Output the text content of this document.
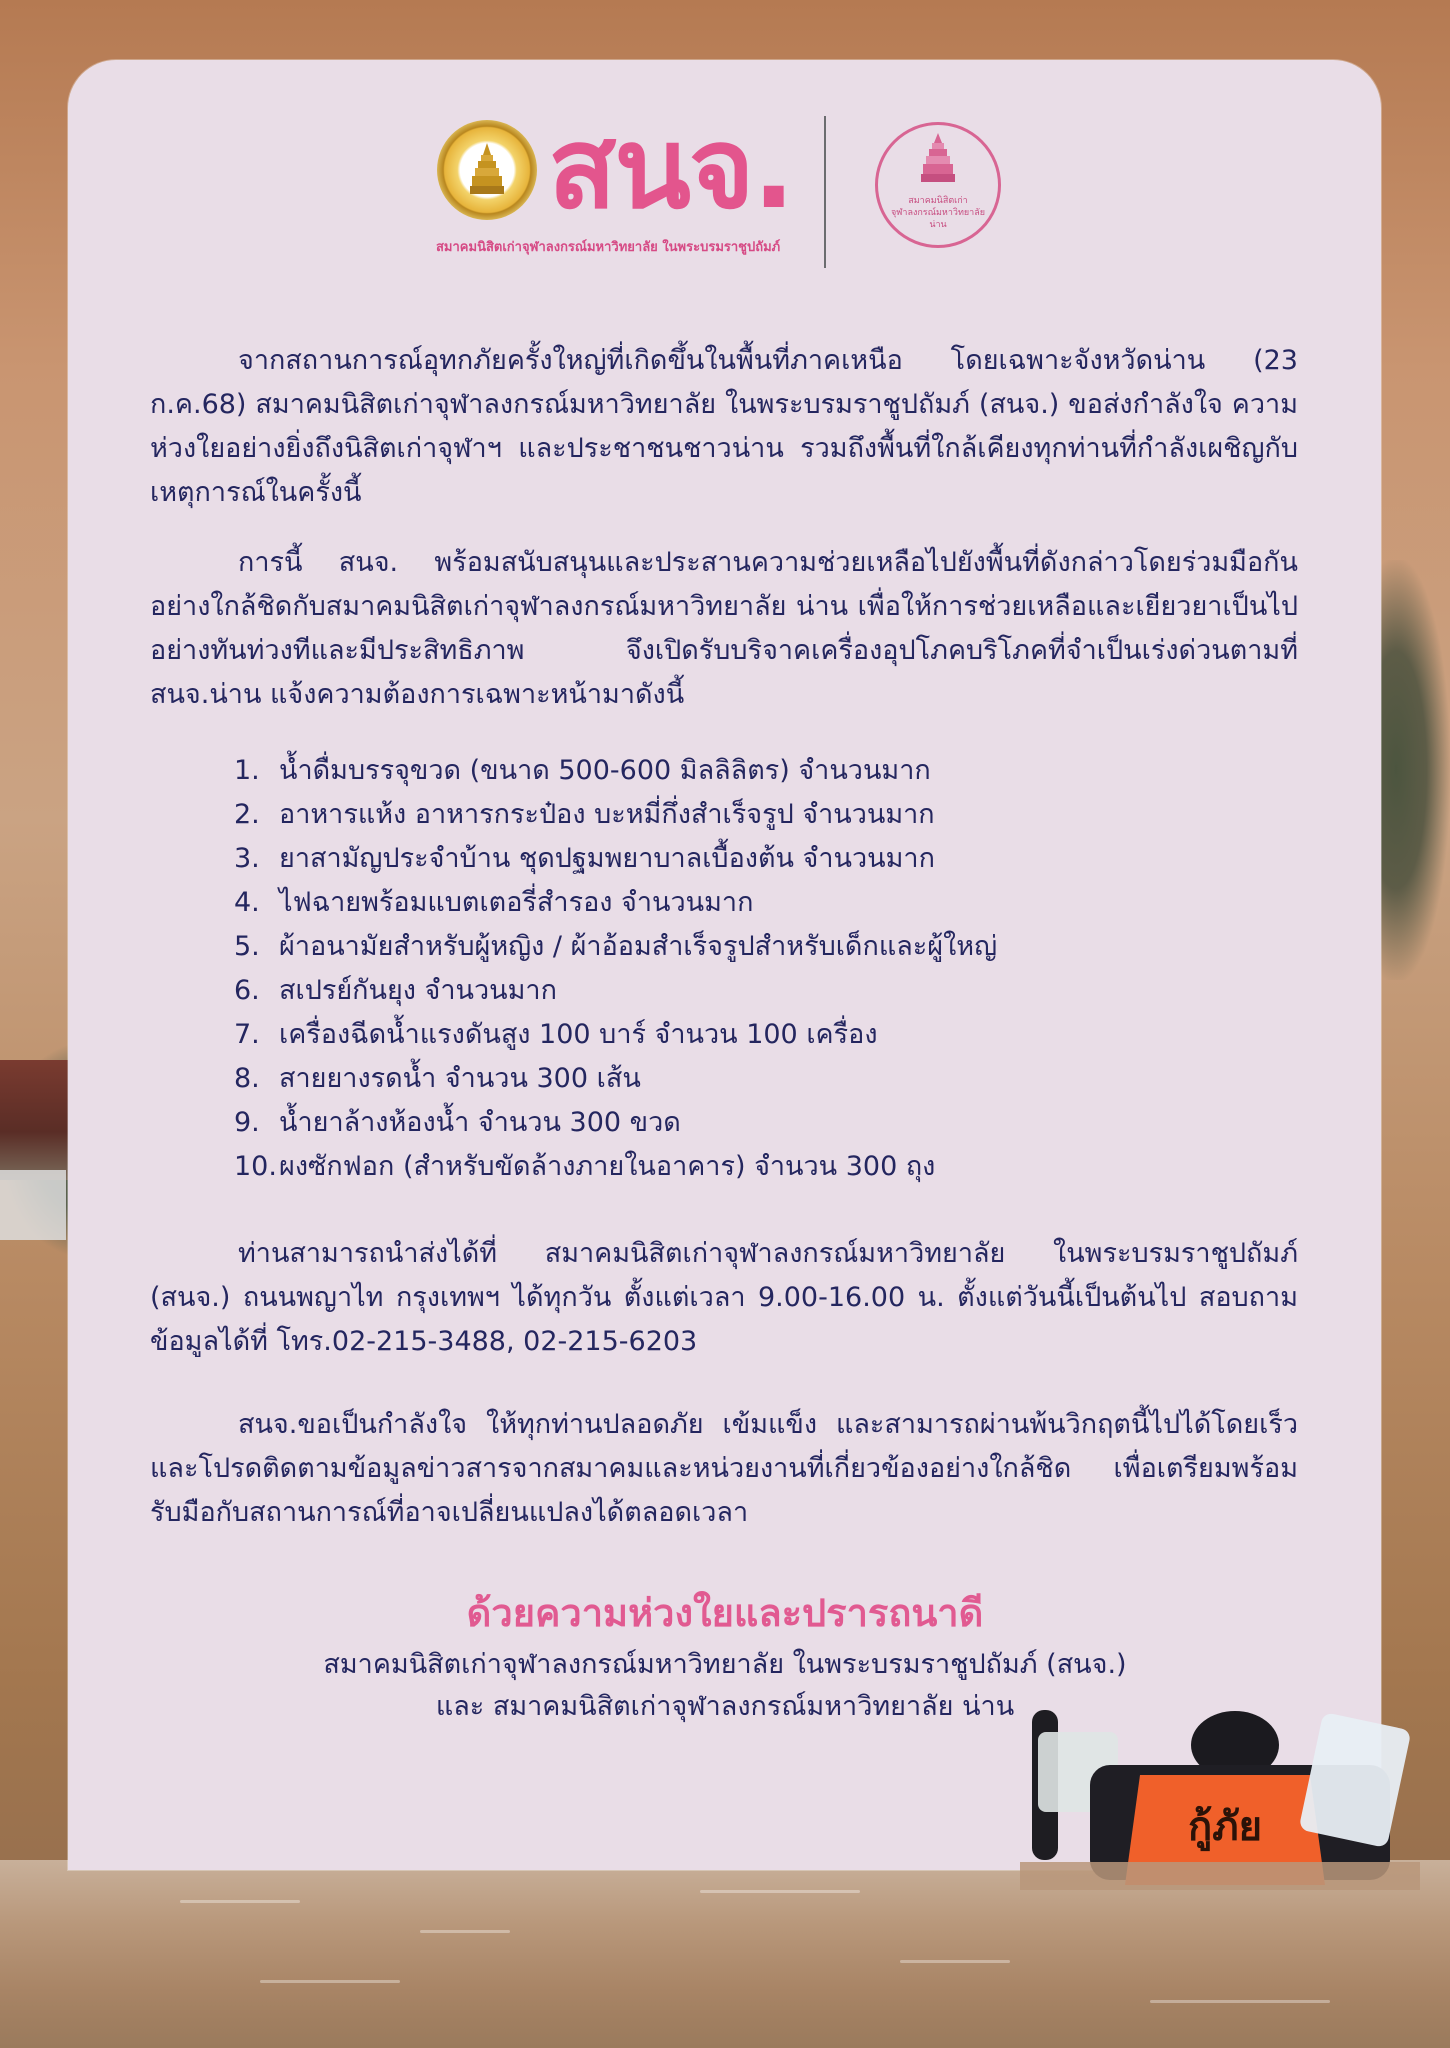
สนจ.
สมาคมนิสิตเก่าจุฬาลงกรณ์มหาวิทยาลัย ในพระบรมราชูปถัมภ์
สมาคมนิสิตเก่า
จุฬาลงกรณ์มหาวิทยาลัย
น่าน
จากสถานการณ์อุทกภัยครั้งใหญ่ที่เกิดขึ้นในพื้นที่ภาคเหนือ โดยเฉพาะจังหวัดน่าน (23 ก.ค.68) สมาคมนิสิตเก่าจุฬาลงกรณ์มหาวิทยาลัย ในพระบรมราชูปถัมภ์ (สนจ.) ขอส่งกำลังใจ ความห่วงใยอย่างยิ่งถึงนิสิตเก่าจุฬาฯ และประชาชนชาวน่าน รวมถึงพื้นที่ใกล้เคียงทุกท่านที่กำลังเผชิญกับเหตุการณ์ในครั้งนี้
การนี้ สนจ. พร้อมสนับสนุนและประสานความช่วยเหลือไปยังพื้นที่ดังกล่าวโดยร่วมมือกันอย่างใกล้ชิดกับสมาคมนิสิตเก่าจุฬาลงกรณ์มหาวิทยาลัย น่าน เพื่อให้การช่วยเหลือและเยียวยาเป็นไปอย่างทันท่วงทีและมีประสิทธิภาพ จึงเปิดรับบริจาคเครื่องอุปโภคบริโภคที่จำเป็นเร่งด่วนตามที่ สนจ.น่าน แจ้งความต้องการเฉพาะหน้ามาดังนี้
1. น้ำดื่มบรรจุขวด (ขนาด 500-600 มิลลิลิตร) จำนวนมาก
2. อาหารแห้ง อาหารกระป๋อง บะหมี่กึ่งสำเร็จรูป จำนวนมาก
3. ยาสามัญประจำบ้าน ชุดปฐมพยาบาลเบื้องต้น จำนวนมาก
4. ไฟฉายพร้อมแบตเตอรี่สำรอง จำนวนมาก
5. ผ้าอนามัยสำหรับผู้หญิง / ผ้าอ้อมสำเร็จรูปสำหรับเด็กและผู้ใหญ่
6. สเปรย์กันยุง จำนวนมาก
7. เครื่องฉีดน้ำแรงดันสูง 100 บาร์ จำนวน 100 เครื่อง
8. สายยางรดน้ำ จำนวน 300 เส้น
9. น้ำยาล้างห้องน้ำ จำนวน 300 ขวด
10.ผงซักฟอก (สำหรับขัดล้างภายในอาคาร) จำนวน 300 ถุง
ท่านสามารถนำส่งได้ที่ สมาคมนิสิตเก่าจุฬาลงกรณ์มหาวิทยาลัย ในพระบรมราชูปถัมภ์ (สนจ.) ถนนพญาไท กรุงเทพฯ ได้ทุกวัน ตั้งแต่เวลา 9.00-16.00 น. ตั้งแต่วันนี้เป็นต้นไป สอบถามข้อมูลได้ที่ โทร.02-215-3488, 02-215-6203
สนจ.ขอเป็นกำลังใจ ให้ทุกท่านปลอดภัย เข้มแข็ง และสามารถผ่านพ้นวิกฤตนี้ไปได้โดยเร็ว และโปรดติดตามข้อมูลข่าวสารจากสมาคมและหน่วยงานที่เกี่ยวข้องอย่างใกล้ชิด เพื่อเตรียมพร้อมรับมือกับสถานการณ์ที่อาจเปลี่ยนแปลงได้ตลอดเวลา
ด้วยความห่วงใยและปรารถนาดี
สมาคมนิสิตเก่าจุฬาลงกรณ์มหาวิทยาลัย ในพระบรมราชูปถัมภ์ (สนจ.)
และ สมาคมนิสิตเก่าจุฬาลงกรณ์มหาวิทยาลัย น่าน
กู้ภัย
